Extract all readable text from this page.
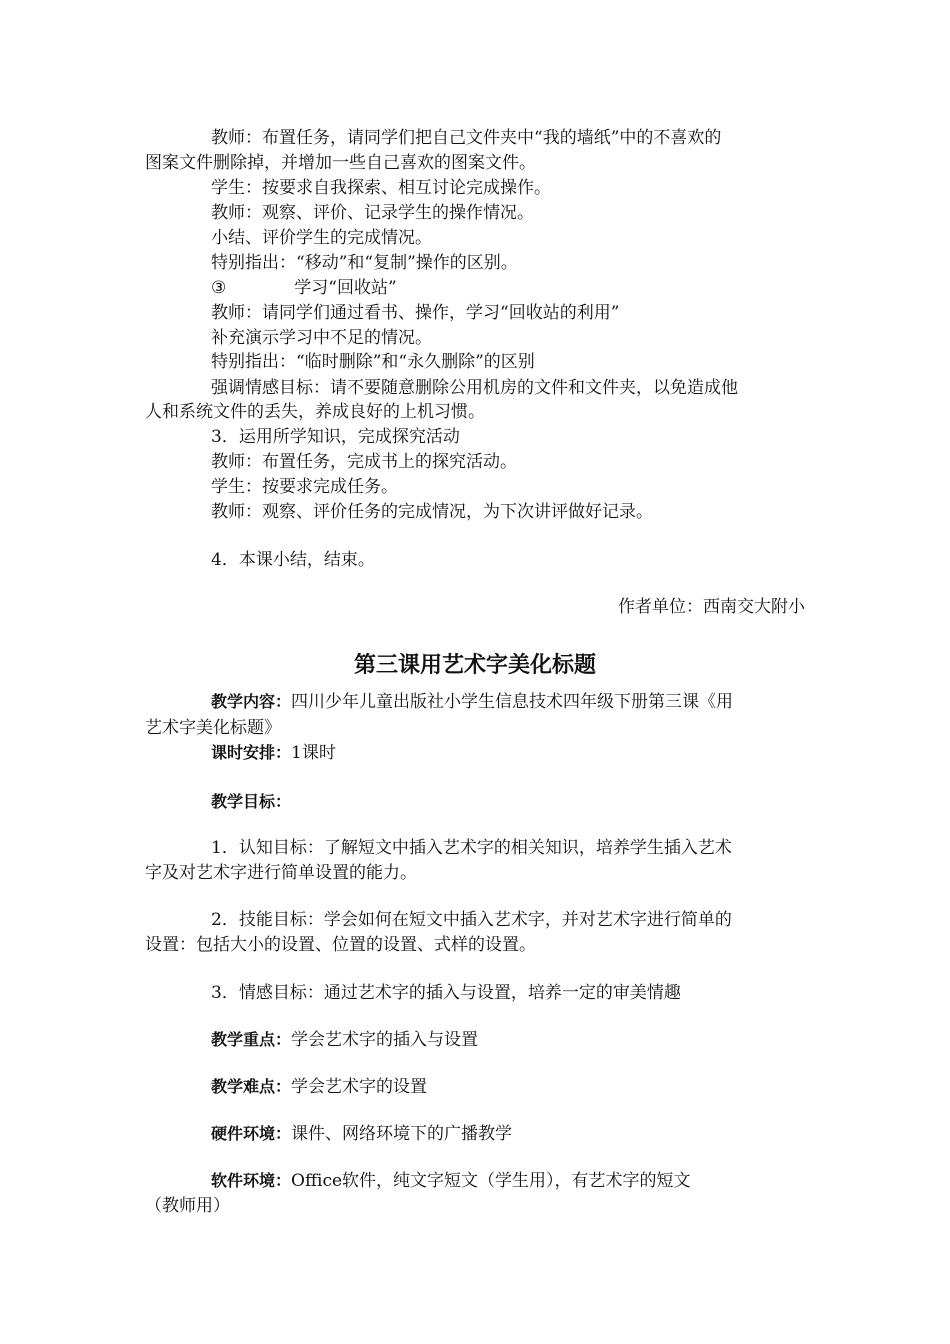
教师：布置任务，请同学们把自己文件夹中“我的墙纸”中的不喜欢的
图案文件删除掉，并增加一些自己喜欢的图案文件。
学生：按要求自我探索、相互讨论完成操作。
教师：观察、评价、记录学生的操作情况。
小结、评价学生的完成情况。
特别指出：“移动”和“复制”操作的区别。
③	学习“回收站”
教师：请同学们通过看书、操作，学习“回收站的利用”
补充演示学习中不足的情况。
特别指出：“临时删除”和“永久删除”的区别
强调情感目标：请不要随意删除公用机房的文件和文件夹，以免造成他
人和系统文件的丢失，养成良好的上机习惯。
3．运用所学知识，完成探究活动
教师：布置任务，完成书上的探究活动。
学生：按要求完成任务。
教师：观察、评价任务的完成情况，为下次讲评做好记录。
4．本课小结，结束。
作者单位：西南交大附小
第三课用艺术字美化标题
教学内容：四川少年儿童出版社小学生信息技术四年级下册第三课《用
艺术字美化标题》
课时安排：1课时
教学目标：
1．认知目标：了解短文中插入艺术字的相关知识，培养学生插入艺术
字及对艺术字进行简单设置的能力。
2．技能目标：学会如何在短文中插入艺术字，并对艺术字进行简单的
设置：包括大小的设置、位置的设置、式样的设置。
3．情感目标：通过艺术字的插入与设置，培养一定的审美情趣
教学重点：学会艺术字的插入与设置
教学难点：学会艺术字的设置
硬件环境：课件、网络环境下的广播教学
软件环境：Office软件，纯文字短文（学生用），有艺术字的短文
（教师用）
